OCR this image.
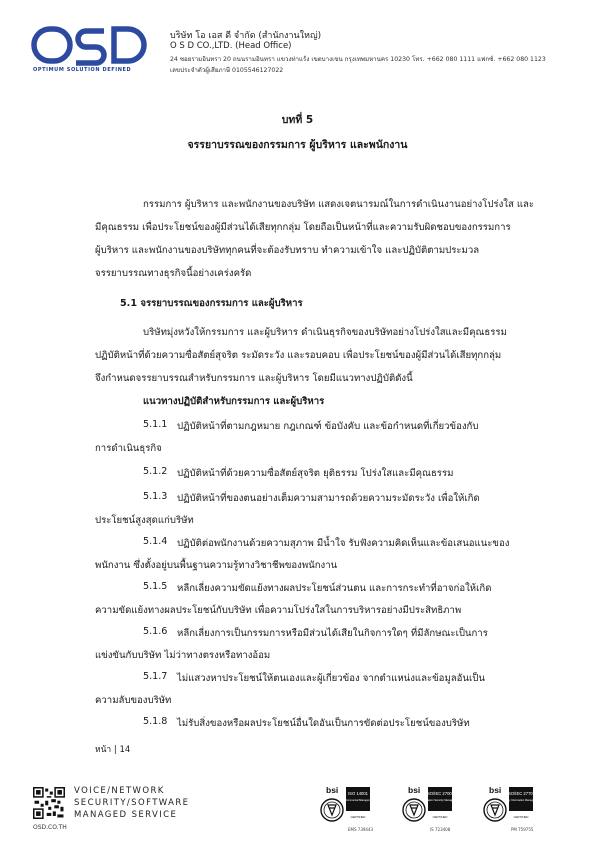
OPTIMUM SOLUTION DEFINED
บริษัท โอ เอส ดี จำกัด (สำนักงานใหญ่)
O S D CO.,LTD. (Head Office)
24 ซอยรามอินทรา 20 ถนนรามอินทรา แขวงท่าแร้ง เขตบางเขน กรุงเทพมหานคร 10230 โทร. +662 080 1111 แฟกซ์. +662 080 1123
เลขประจำตัวผู้เสียภาษี 0105546127022
บทที่ 5
จรรยาบรรณของกรรมการ ผู้บริหาร และพนักงาน
กรรมการ ผู้บริหาร และพนักงานของบริษัท แสดงเจตนารมณ์ในการดำเนินงานอย่างโปร่งใส และ
มีคุณธรรม เพื่อประโยชน์ของผู้มีส่วนได้เสียทุกกลุ่ม โดยถือเป็นหน้าที่และความรับผิดชอบของกรรมการ
ผู้บริหาร และพนักงานของบริษัททุกคนที่จะต้องรับทราบ ทำความเข้าใจ และปฏิบัติตามประมวล
จรรยาบรรณทางธุรกิจนี้อย่างเคร่งครัด
5.1 จรรยาบรรณของกรรมการ และผู้บริหาร
บริษัทมุ่งหวังให้กรรมการ และผู้บริหาร ดำเนินธุรกิจของบริษัทอย่างโปร่งใสและมีคุณธรรม
ปฏิบัติหน้าที่ด้วยความซื่อสัตย์สุจริต ระมัดระวัง และรอบคอบ เพื่อประโยชน์ของผู้มีส่วนได้เสียทุกกลุ่ม
จึงกำหนดจรรยาบรรณสำหรับกรรมการ และผู้บริหาร โดยมีแนวทางปฏิบัติดังนี้
แนวทางปฏิบัติสำหรับกรรมการ และผู้บริหาร
5.1.1 ปฏิบัติหน้าที่ตามกฎหมาย กฎเกณฑ์ ข้อบังคับ และข้อกำหนดที่เกี่ยวข้องกับ
การดำเนินธุรกิจ
5.1.2 ปฏิบัติหน้าที่ด้วยความซื่อสัตย์สุจริต ยุติธรรม โปร่งใสและมีคุณธรรม
5.1.3 ปฏิบัติหน้าที่ของตนอย่างเต็มความสามารถด้วยความระมัดระวัง เพื่อให้เกิด
ประโยชน์สูงสุดแก่บริษัท
5.1.4 ปฏิบัติต่อพนักงานด้วยความสุภาพ มีน้ำใจ รับฟังความคิดเห็นและข้อเสนอแนะของ
พนักงาน ซึ่งตั้งอยู่บนพื้นฐานความรู้ทางวิชาชีพของพนักงาน
5.1.5 หลีกเลี่ยงความขัดแย้งทางผลประโยชน์ส่วนตน และการกระทำที่อาจก่อให้เกิด
ความขัดแย้งทางผลประโยชน์กับบริษัท เพื่อความโปร่งใสในการบริหารอย่างมีประสิทธิภาพ
5.1.6 หลีกเลี่ยงการเป็นกรรมการหรือมีส่วนได้เสียในกิจการใดๆ ที่มีลักษณะเป็นการ
แข่งขันกับบริษัท ไม่ว่าทางตรงหรือทางอ้อม
5.1.7 ไม่แสวงหาประโยชน์ให้ตนเองและผู้เกี่ยวข้อง จากตำแหน่งและข้อมูลอันเป็น
ความลับของบริษัท
5.1.8 ไม่รับสิ่งของหรือผลประโยชน์อื่นใดอันเป็นการขัดต่อประโยชน์ของบริษัท
หน้า | 14
OSD.CO.TH
VOICE/NETWORK
SECURITY/SOFTWARE
MANAGED SERVICE
bsi ISO 14001
Environmental Management
CERTIFIED
EMS 739443
bsi ISO/IEC 27001
Information Security Management
CERTIFIED
IS 723408
bsi ISO/IEC 27701
Privacy Information Management
CERTIFIED
PM 759755
